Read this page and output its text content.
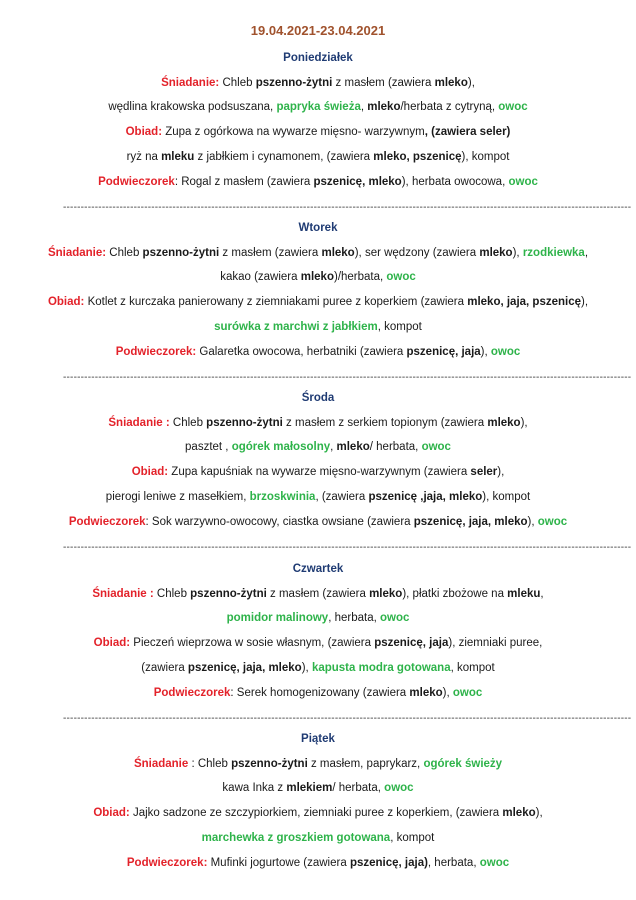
19.04.2021-23.04.2021
Poniedziałek
Śniadanie: Chleb pszenno-żytni z masłem (zawiera mleko),
wędlina krakowska podsuszana, papryka świeża, mleko/herbata z cytryną, owoc
Obiad: Zupa z ogórkowa na wywarze mięsno- warzywnym, (zawiera seler)
ryż na mleku z jabłkiem i cynamonem, (zawiera mleko, pszenicę), kompot
Podwieczorek: Rogal z masłem (zawiera pszenicę, mleko), herbata owocowa, owoc
-----------------------------------------------------------------------------------------------------------------------------------------------------------------
Wtorek
Śniadanie: Chleb pszenno-żytni z masłem (zawiera mleko), ser wędzony (zawiera mleko), rzodkiewka,
kakao (zawiera mleko)/herbata, owoc
Obiad: Kotlet z kurczaka panierowany z ziemniakami puree z koperkiem (zawiera mleko, jaja, pszenicę),
surówka z marchwi z jabłkiem, kompot
Podwieczorek: Galaretka owocowa, herbatniki (zawiera pszenicę, jaja), owoc
-----------------------------------------------------------------------------------------------------------------------------------------------------------------
Środa
Śniadanie : Chleb pszenno-żytni z masłem z serkiem topionym (zawiera mleko),
pasztet , ogórek małosolny, mleko/ herbata, owoc
Obiad: Zupa kapuśniak na wywarze mięsno-warzywnym (zawiera seler),
pierogi leniwe z masełkiem, brzoskwinia, (zawiera pszenicę ,jaja, mleko), kompot
Podwieczorek: Sok warzywno-owocowy, ciastka owsiane (zawiera pszenicę, jaja, mleko), owoc
-----------------------------------------------------------------------------------------------------------------------------------------------------------------
Czwartek
Śniadanie : Chleb pszenno-żytni z masłem (zawiera mleko), płatki zbożowe na mleku,
pomidor malinowy, herbata, owoc
Obiad: Pieczeń wieprzowa w sosie własnym, (zawiera pszenicę, jaja), ziemniaki puree,
(zawiera pszenicę, jaja, mleko), kapusta modra gotowana, kompot
Podwieczorek: Serek homogenizowany (zawiera mleko), owoc
-----------------------------------------------------------------------------------------------------------------------------------------------------------------
Piątek
Śniadanie : Chleb pszenno-żytni z masłem, paprykarz, ogórek świeży
kawa Inka z mlekiem/ herbata, owoc
Obiad: Jajko sadzone ze szczypiorkiem, ziemniaki puree z koperkiem, (zawiera mleko),
marchewka z groszkiem gotowana, kompot
Podwieczorek: Mufinki jogurtowe (zawiera pszenicę, jaja), herbata, owoc
